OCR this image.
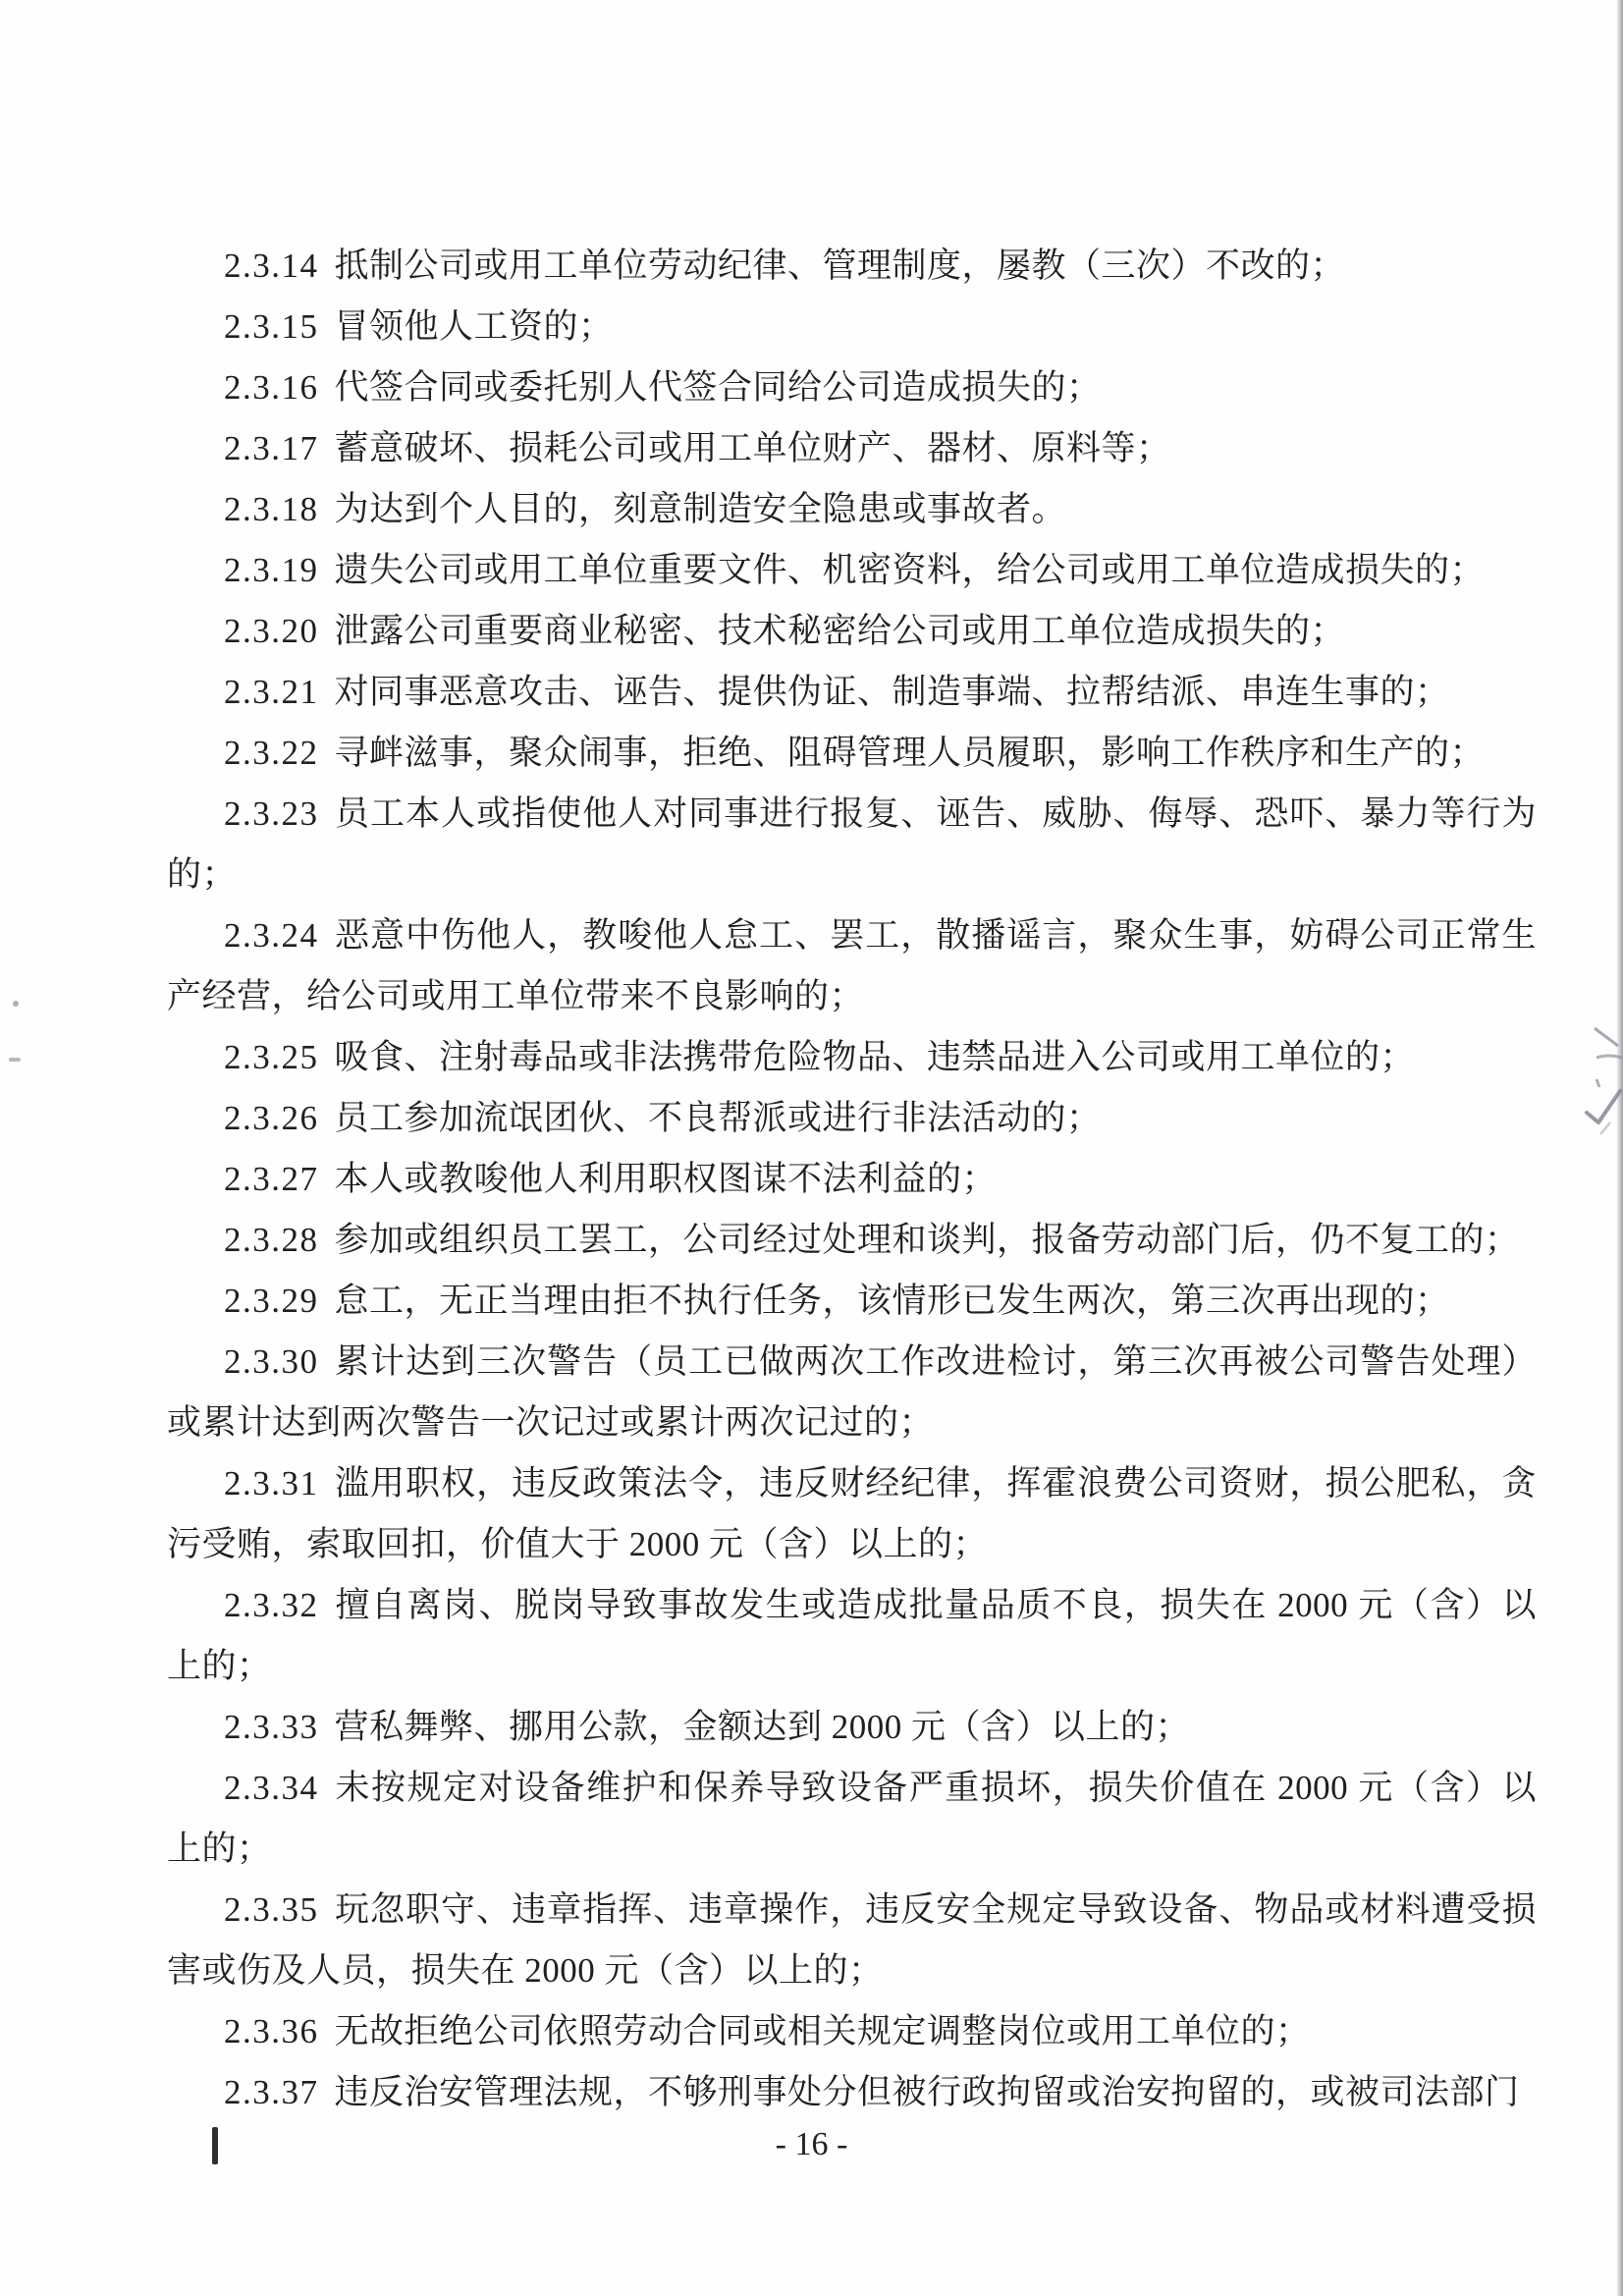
2.3.14 抵制公司或用工单位劳动纪律、管理制度，屡教（三次）不改的；

2.3.15 冒领他人工资的；

2.3.16 代签合同或委托别人代签合同给公司造成损失的；

2.3.17 蓄意破坏、损耗公司或用工单位财产、器材、原料等；

2.3.18 为达到个人目的，刻意制造安全隐患或事故者。

2.3.19 遗失公司或用工单位重要文件、机密资料，给公司或用工单位造成损失的；

2.3.20 泄露公司重要商业秘密、技术秘密给公司或用工单位造成损失的；

2.3.21 对同事恶意攻击、诬告、提供伪证、制造事端、拉帮结派、串连生事的；

2.3.22 寻衅滋事，聚众闹事，拒绝、阻碍管理人员履职，影响工作秩序和生产的；

2.3.23 员工本人或指使他人对同事进行报复、诬告、威胁、侮辱、恐吓、暴力等行为的；

2.3.24 恶意中伤他人，教唆他人怠工、罢工，散播谣言，聚众生事，妨碍公司正常生产经营，给公司或用工单位带来不良影响的；

2.3.25 吸食、注射毒品或非法携带危险物品、违禁品进入公司或用工单位的；

2.3.26 员工参加流氓团伙、不良帮派或进行非法活动的；

2.3.27 本人或教唆他人利用职权图谋不法利益的；

2.3.28 参加或组织员工罢工，公司经过处理和谈判，报备劳动部门后，仍不复工的；

2.3.29 怠工，无正当理由拒不执行任务，该情形已发生两次，第三次再出现的；

2.3.30 累计达到三次警告（员工已做两次工作改进检讨，第三次再被公司警告处理）或累计达到两次警告一次记过或累计两次记过的；

2.3.31 滥用职权，违反政策法令，违反财经纪律，挥霍浪费公司资财，损公肥私，贪污受贿，索取回扣，价值大于 2000 元（含）以上的；

2.3.32 擅自离岗、脱岗导致事故发生或造成批量品质不良，损失在 2000 元（含）以上的；

2.3.33 营私舞弊、挪用公款，金额达到 2000 元（含）以上的；

2.3.34 未按规定对设备维护和保养导致设备严重损坏，损失价值在 2000 元（含）以上的；

2.3.35 玩忽职守、违章指挥、违章操作，违反安全规定导致设备、物品或材料遭受损害或伤及人员，损失在 2000 元（含）以上的；

2.3.36 无故拒绝公司依照劳动合同或相关规定调整岗位或用工单位的；

2.3.37 违反治安管理法规，不够刑事处分但被行政拘留或治安拘留的，或被司法部门

- 16 -
